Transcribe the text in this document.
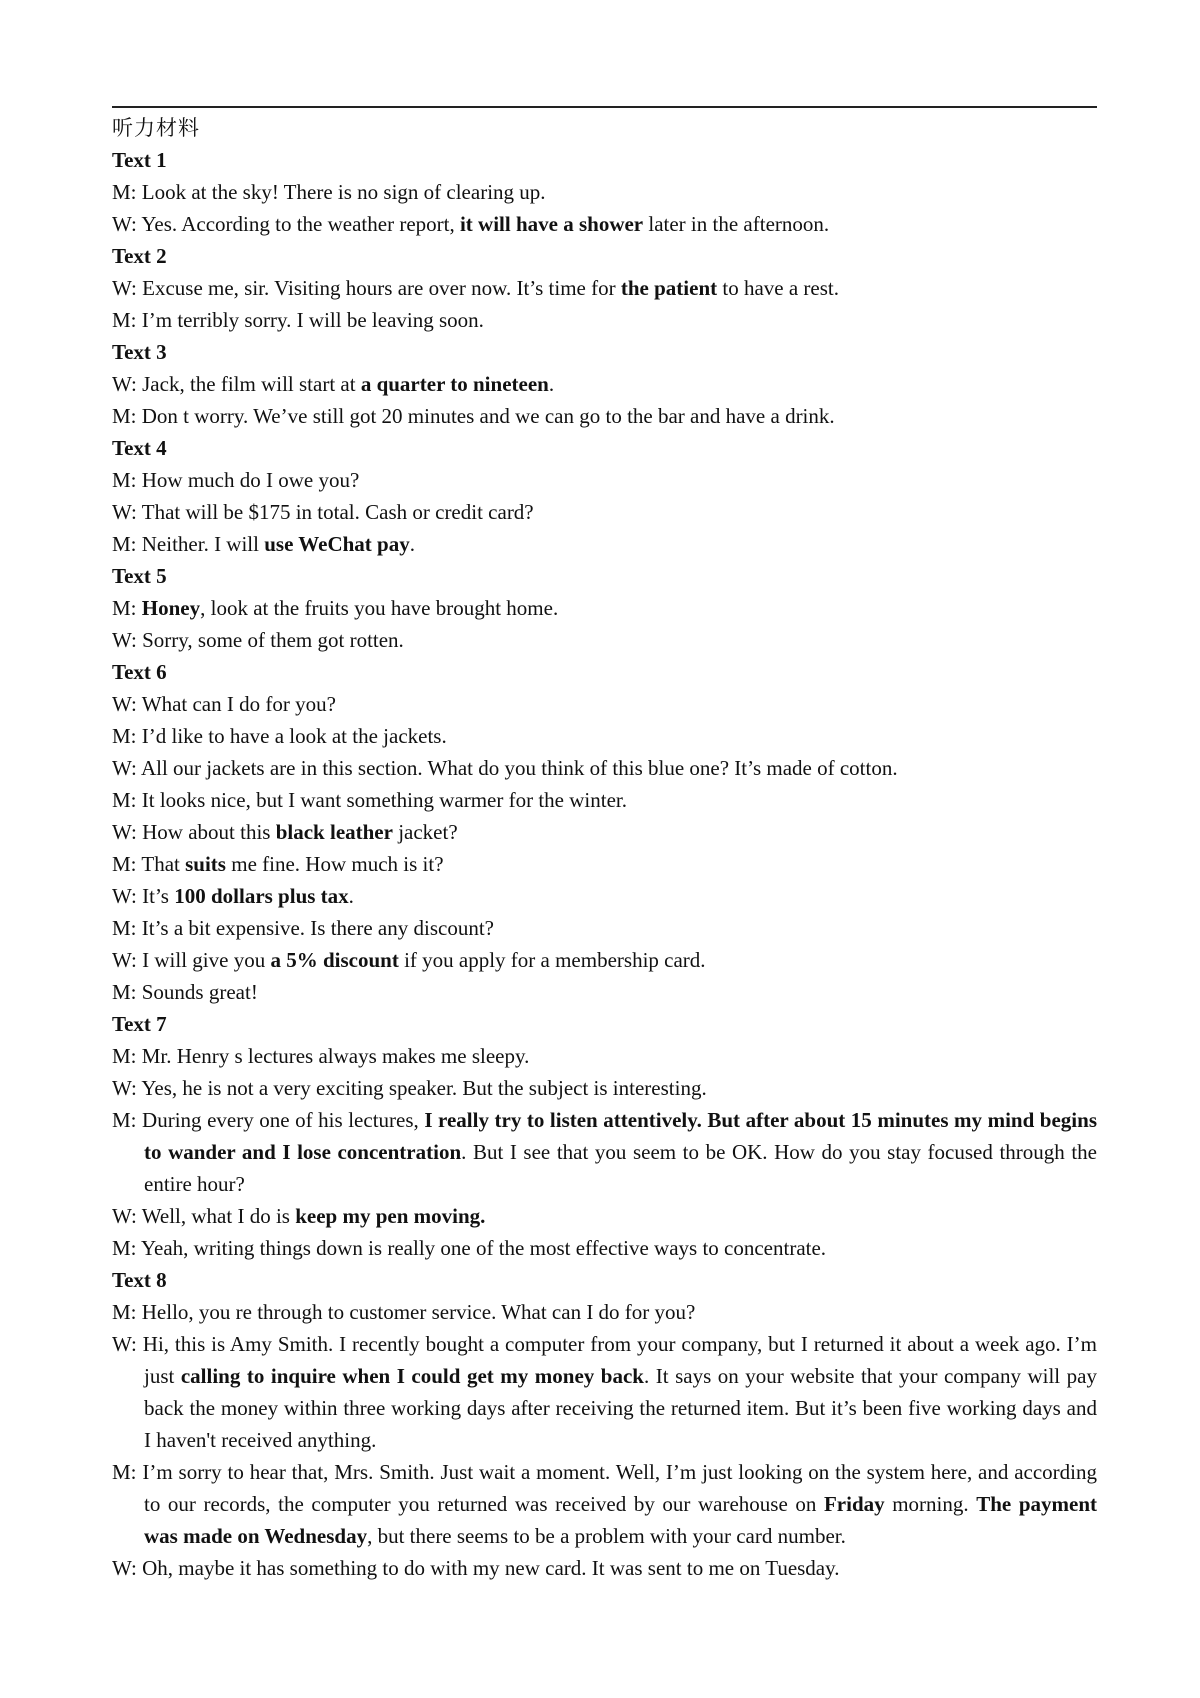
听力材料
Text 1
M: Look at the sky! There is no sign of clearing up.
W: Yes. According to the weather report, it will have a shower later in the afternoon.
Text 2
W: Excuse me, sir. Visiting hours are over now. It’s time for the patient to have a rest.
M: I’m terribly sorry. I will be leaving soon.
Text 3
W: Jack, the film will start at a quarter to nineteen.
M: Don t worry. We’ve still got 20 minutes and we can go to the bar and have a drink.
Text 4
M: How much do I owe you?
W: That will be $175 in total. Cash or credit card?
M: Neither. I will use WeChat pay.
Text 5
M: Honey, look at the fruits you have brought home.
W: Sorry, some of them got rotten.
Text 6
W: What can I do for you?
M: I’d like to have a look at the jackets.
W: All our jackets are in this section. What do you think of this blue one? It’s made of cotton.
M: It looks nice, but I want something warmer for the winter.
W: How about this black leather jacket?
M: That suits me fine. How much is it?
W: It’s 100 dollars plus tax.
M: It’s a bit expensive. Is there any discount?
W: I will give you a 5% discount if you apply for a membership card.
M: Sounds great!
Text 7
M: Mr. Henry s lectures always makes me sleepy.
W: Yes, he is not a very exciting speaker. But the subject is interesting.
M: During every one of his lectures, I really try to listen attentively. But after about 15 minutes my mind begins to wander and I lose concentration. But I see that you seem to be OK. How do you stay focused through the entire hour?
W: Well, what I do is keep my pen moving.
M: Yeah, writing things down is really one of the most effective ways to concentrate.
Text 8
M: Hello, you re through to customer service. What can I do for you?
W: Hi, this is Amy Smith. I recently bought a computer from your company, but I returned it about a week ago. I’m just calling to inquire when I could get my money back. It says on your website that your company will pay back the money within three working days after receiving the returned item. But it’s been five working days and I haven't received anything.
M: I’m sorry to hear that, Mrs. Smith. Just wait a moment. Well, I’m just looking on the system here, and according to our records, the computer you returned was received by our warehouse on Friday morning. The payment was made on Wednesday, but there seems to be a problem with your card number.
W: Oh, maybe it has something to do with my new card. It was sent to me on Tuesday.
